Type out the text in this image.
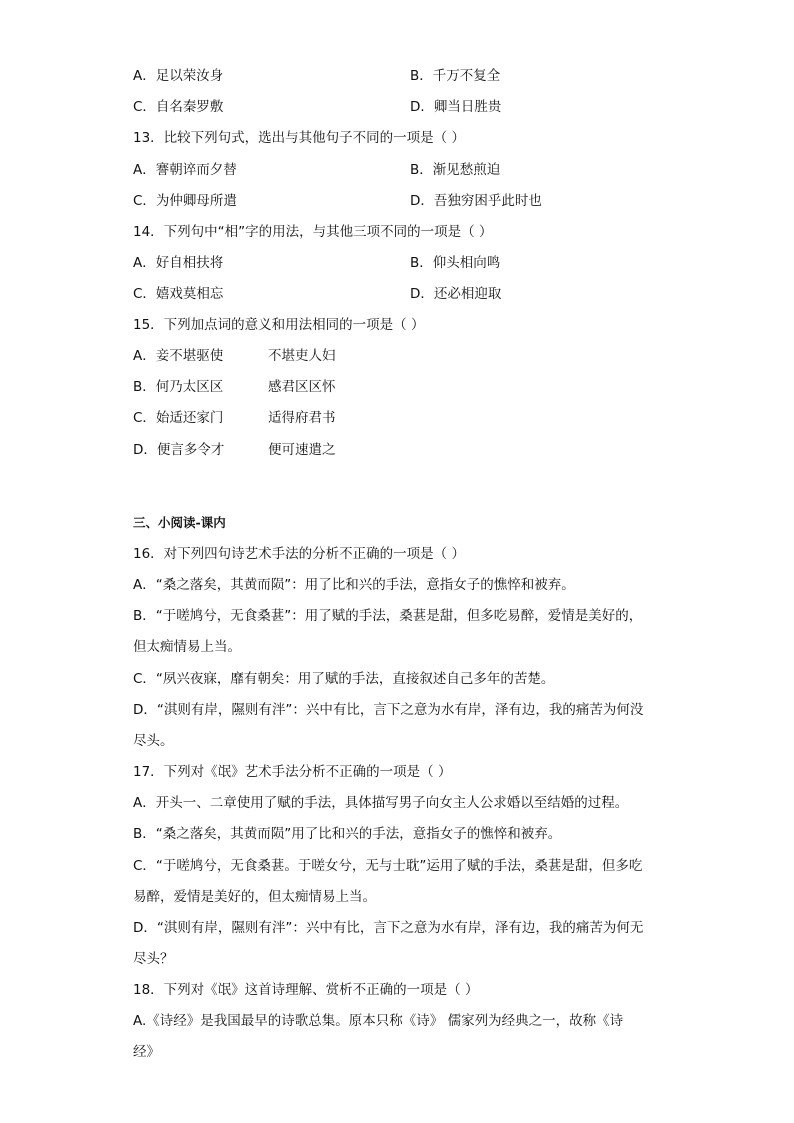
A．足以荣汝身	B．千万不复全
C．自名秦罗敷	D．卿当日胜贵
13．比较下列句式，选出与其他句子不同的一项是（ ）
A．謇朝谇而夕替	B．渐见愁煎迫
C．为仲卿母所遣	D．吾独穷困乎此时也
14．下列句中“相”字的用法，与其他三项不同的一项是（ ）
A．好自相扶将	B．仰头相向鸣
C．嬉戏莫相忘	D．还必相迎取
15．下列加点词的意义和用法相同的一项是（ ）
A．妾不堪驱使	不堪吏人妇
B．何乃太区区	感君区区怀
C．始适还家门	适得府君书
D．便言多令才	便可速遣之
三、小阅读-课内
16．对下列四句诗艺术手法的分析不正确的一项是（ ）
A．“桑之落矣，其黄而陨”：用了比和兴的手法，意指女子的憔悴和被弃。
B．“于嗟鸠兮，无食桑葚”：用了赋的手法，桑葚是甜，但多吃易醉，爱情是美好的，
但太痴情易上当。
C．“夙兴夜寐，靡有朝矣：用了赋的手法，直接叙述自己多年的苦楚。
D．“淇则有岸，隰则有泮”：兴中有比，言下之意为水有岸，泽有边，我的痛苦为何没
尽头。
17．下列对《氓》艺术手法分析不正确的一项是（ ）
A．开头一、二章使用了赋的手法，具体描写男子向女主人公求婚以至结婚的过程。
B．“桑之落矣，其黄而陨”用了比和兴的手法，意指女子的憔悴和被弃。
C．“于嗟鸠兮，无食桑葚。于嗟女兮，无与士耽”运用了赋的手法，桑葚是甜，但多吃
易醉，爱情是美好的，但太痴情易上当。
D．“淇则有岸，隰则有泮”：兴中有比，言下之意为水有岸，泽有边，我的痛苦为何无
尽头？
18．下列对《氓》这首诗理解、赏析不正确的一项是（ ）
A.《诗经》是我国最早的诗歌总集。原本只称《诗》 儒家列为经典之一，故称《诗
经》
